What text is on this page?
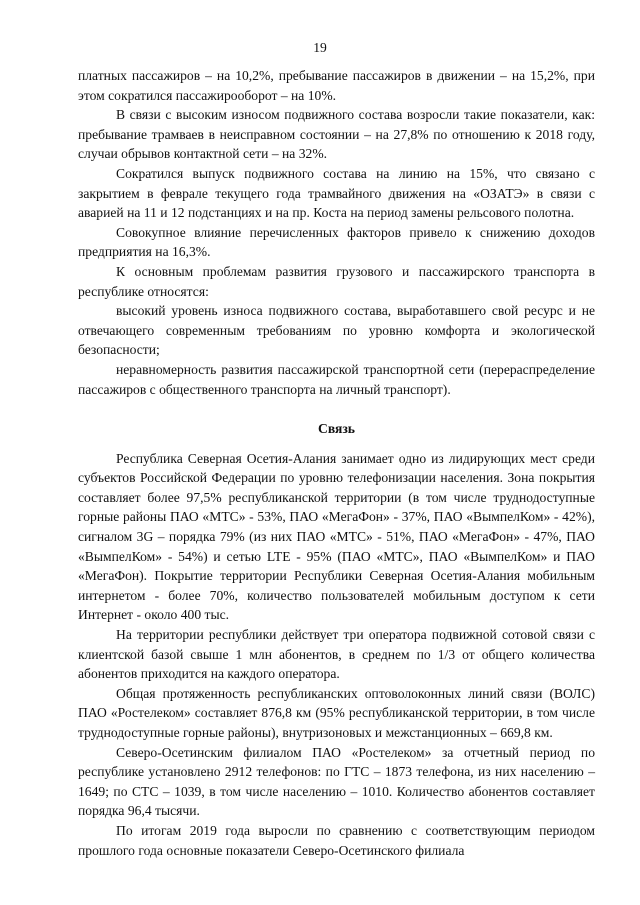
19

платных пассажиров – на 10,2%, пребывание пассажиров в движении – на 15,2%, при этом сократился пассажирооборот – на 10%.

В связи с высоким износом подвижного состава возросли такие показатели, как: пребывание трамваев в неисправном состоянии – на 27,8% по отношению к 2018 году, случаи обрывов контактной сети – на 32%.

Сократился выпуск подвижного состава на линию на 15%, что связано с закрытием в феврале текущего года трамвайного движения на «ОЗАТЭ» в связи с аварией на 11 и 12 подстанциях и на пр. Коста на период замены рельсового полотна.

Совокупное влияние перечисленных факторов привело к снижению доходов предприятия на 16,3%.

К основным проблемам развития грузового и пассажирского транспорта в республике относятся:

высокий уровень износа подвижного состава, выработавшего свой ресурс и не отвечающего современным требованиям по уровню комфорта и экологической безопасности;

неравномерность развития пассажирской транспортной сети (перераспределение пассажиров с общественного транспорта на личный транспорт).

Связь

Республика Северная Осетия-Алания занимает одно из лидирующих мест среди субъектов Российской Федерации по уровню телефонизации населения. Зона покрытия составляет более 97,5% республиканской территории (в том числе труднодоступные горные районы ПАО «МТС» - 53%, ПАО «МегаФон» - 37%, ПАО «ВымпелКом» - 42%), сигналом 3G – порядка 79% (из них ПАО «МТС» - 51%, ПАО «МегаФон» - 47%, ПАО «ВымпелКом» - 54%) и сетью LTE - 95% (ПАО «МТС», ПАО «ВымпелКом» и ПАО «МегаФон). Покрытие территории Республики Северная Осетия-Алания мобильным интернетом - более 70%, количество пользователей мобильным доступом к сети Интернет - около 400 тыс.

На территории республики действует три оператора подвижной сотовой связи с клиентской базой свыше 1 млн абонентов, в среднем по 1/3 от общего количества абонентов приходится на каждого оператора.

Общая протяженность республиканских оптоволоконных линий связи (ВОЛС) ПАО «Ростелеком» составляет 876,8 км (95% республиканской территории, в том числе труднодоступные горные районы), внутризоновых и межстанционных – 669,8 км.

Северо-Осетинским филиалом ПАО «Ростелеком» за отчетный период по республике установлено 2912 телефонов: по ГТС – 1873 телефона, из них населению – 1649; по СТС – 1039, в том числе населению – 1010. Количество абонентов составляет порядка 96,4 тысячи.

По итогам 2019 года выросли по сравнению с соответствующим периодом прошлого года основные показатели Северо-Осетинского филиала
